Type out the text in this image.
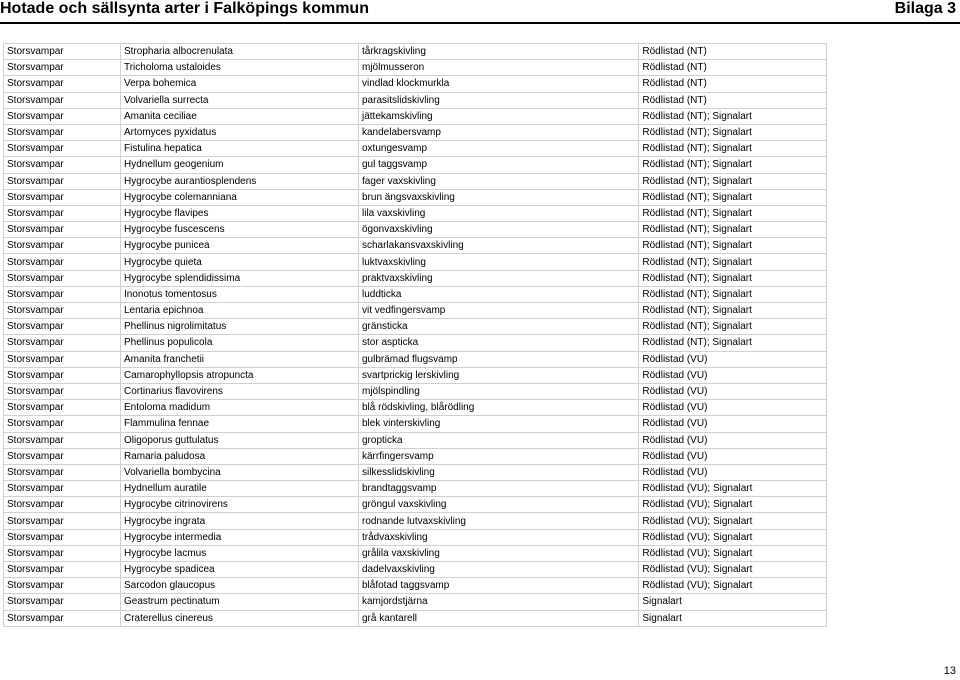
Hotade och sällsynta arter i Falköpings kommun	Bilaga 3
Storsvampar	Stropharia albocrenulata	tårkragskivling	Rödlistad (NT)
Storsvampar	Tricholoma ustaloides	mjölmusseron	Rödlistad (NT)
Storsvampar	Verpa bohemica	vindlad klockmurkla	Rödlistad (NT)
Storsvampar	Volvariella surrecta	parasitslidskivling	Rödlistad (NT)
Storsvampar	Amanita ceciliae	jättekamskivling	Rödlistad (NT); Signalart
Storsvampar	Artomyces pyxidatus	kandelabersvamp	Rödlistad (NT); Signalart
Storsvampar	Fistulina hepatica	oxtungesvamp	Rödlistad (NT); Signalart
Storsvampar	Hydnellum geogenium	gul taggsvamp	Rödlistad (NT); Signalart
Storsvampar	Hygrocybe aurantiosplendens	fager vaxskivling	Rödlistad (NT); Signalart
Storsvampar	Hygrocybe colemanniana	brun ängsvaxskivling	Rödlistad (NT); Signalart
Storsvampar	Hygrocybe flavipes	lila vaxskivling	Rödlistad (NT); Signalart
Storsvampar	Hygrocybe fuscescens	ögonvaxskivling	Rödlistad (NT); Signalart
Storsvampar	Hygrocybe punicea	scharlakansvaxskivling	Rödlistad (NT); Signalart
Storsvampar	Hygrocybe quieta	luktvaxskivling	Rödlistad (NT); Signalart
Storsvampar	Hygrocybe splendidissima	praktvaxskivling	Rödlistad (NT); Signalart
Storsvampar	Inonotus tomentosus	luddticka	Rödlistad (NT); Signalart
Storsvampar	Lentaria epichnoa	vit vedfingersvamp	Rödlistad (NT); Signalart
Storsvampar	Phellinus nigrolimitatus	gränsticka	Rödlistad (NT); Signalart
Storsvampar	Phellinus populicola	stor aspticka	Rödlistad (NT); Signalart
Storsvampar	Amanita franchetii	gulbrämad flugsvamp	Rödlistad (VU)
Storsvampar	Camarophyllopsis atropuncta	svartprickig lerskivling	Rödlistad (VU)
Storsvampar	Cortinarius flavovirens	mjölspindling	Rödlistad (VU)
Storsvampar	Entoloma madidum	blå rödskivling, blårödling	Rödlistad (VU)
Storsvampar	Flammulina fennae	blek vinterskivling	Rödlistad (VU)
Storsvampar	Oligoporus guttulatus	gropticka	Rödlistad (VU)
Storsvampar	Ramaria paludosa	kärrfingersvamp	Rödlistad (VU)
Storsvampar	Volvariella bombycina	silkesslidskivling	Rödlistad (VU)
Storsvampar	Hydnellum auratile	brandtaggsvamp	Rödlistad (VU); Signalart
Storsvampar	Hygrocybe citrinovirens	gröngul vaxskivling	Rödlistad (VU); Signalart
Storsvampar	Hygrocybe ingrata	rodnande lutvaxskivling	Rödlistad (VU); Signalart
Storsvampar	Hygrocybe intermedia	trådvaxskivling	Rödlistad (VU); Signalart
Storsvampar	Hygrocybe lacmus	grålila vaxskivling	Rödlistad (VU); Signalart
Storsvampar	Hygrocybe spadicea	dadelvaxskivling	Rödlistad (VU); Signalart
Storsvampar	Sarcodon glaucopus	blåfotad taggsvamp	Rödlistad (VU); Signalart
Storsvampar	Geastrum pectinatum	kamjordstjärna	Signalart
Storsvampar	Craterellus cinereus	grå kantarell	Signalart
13
